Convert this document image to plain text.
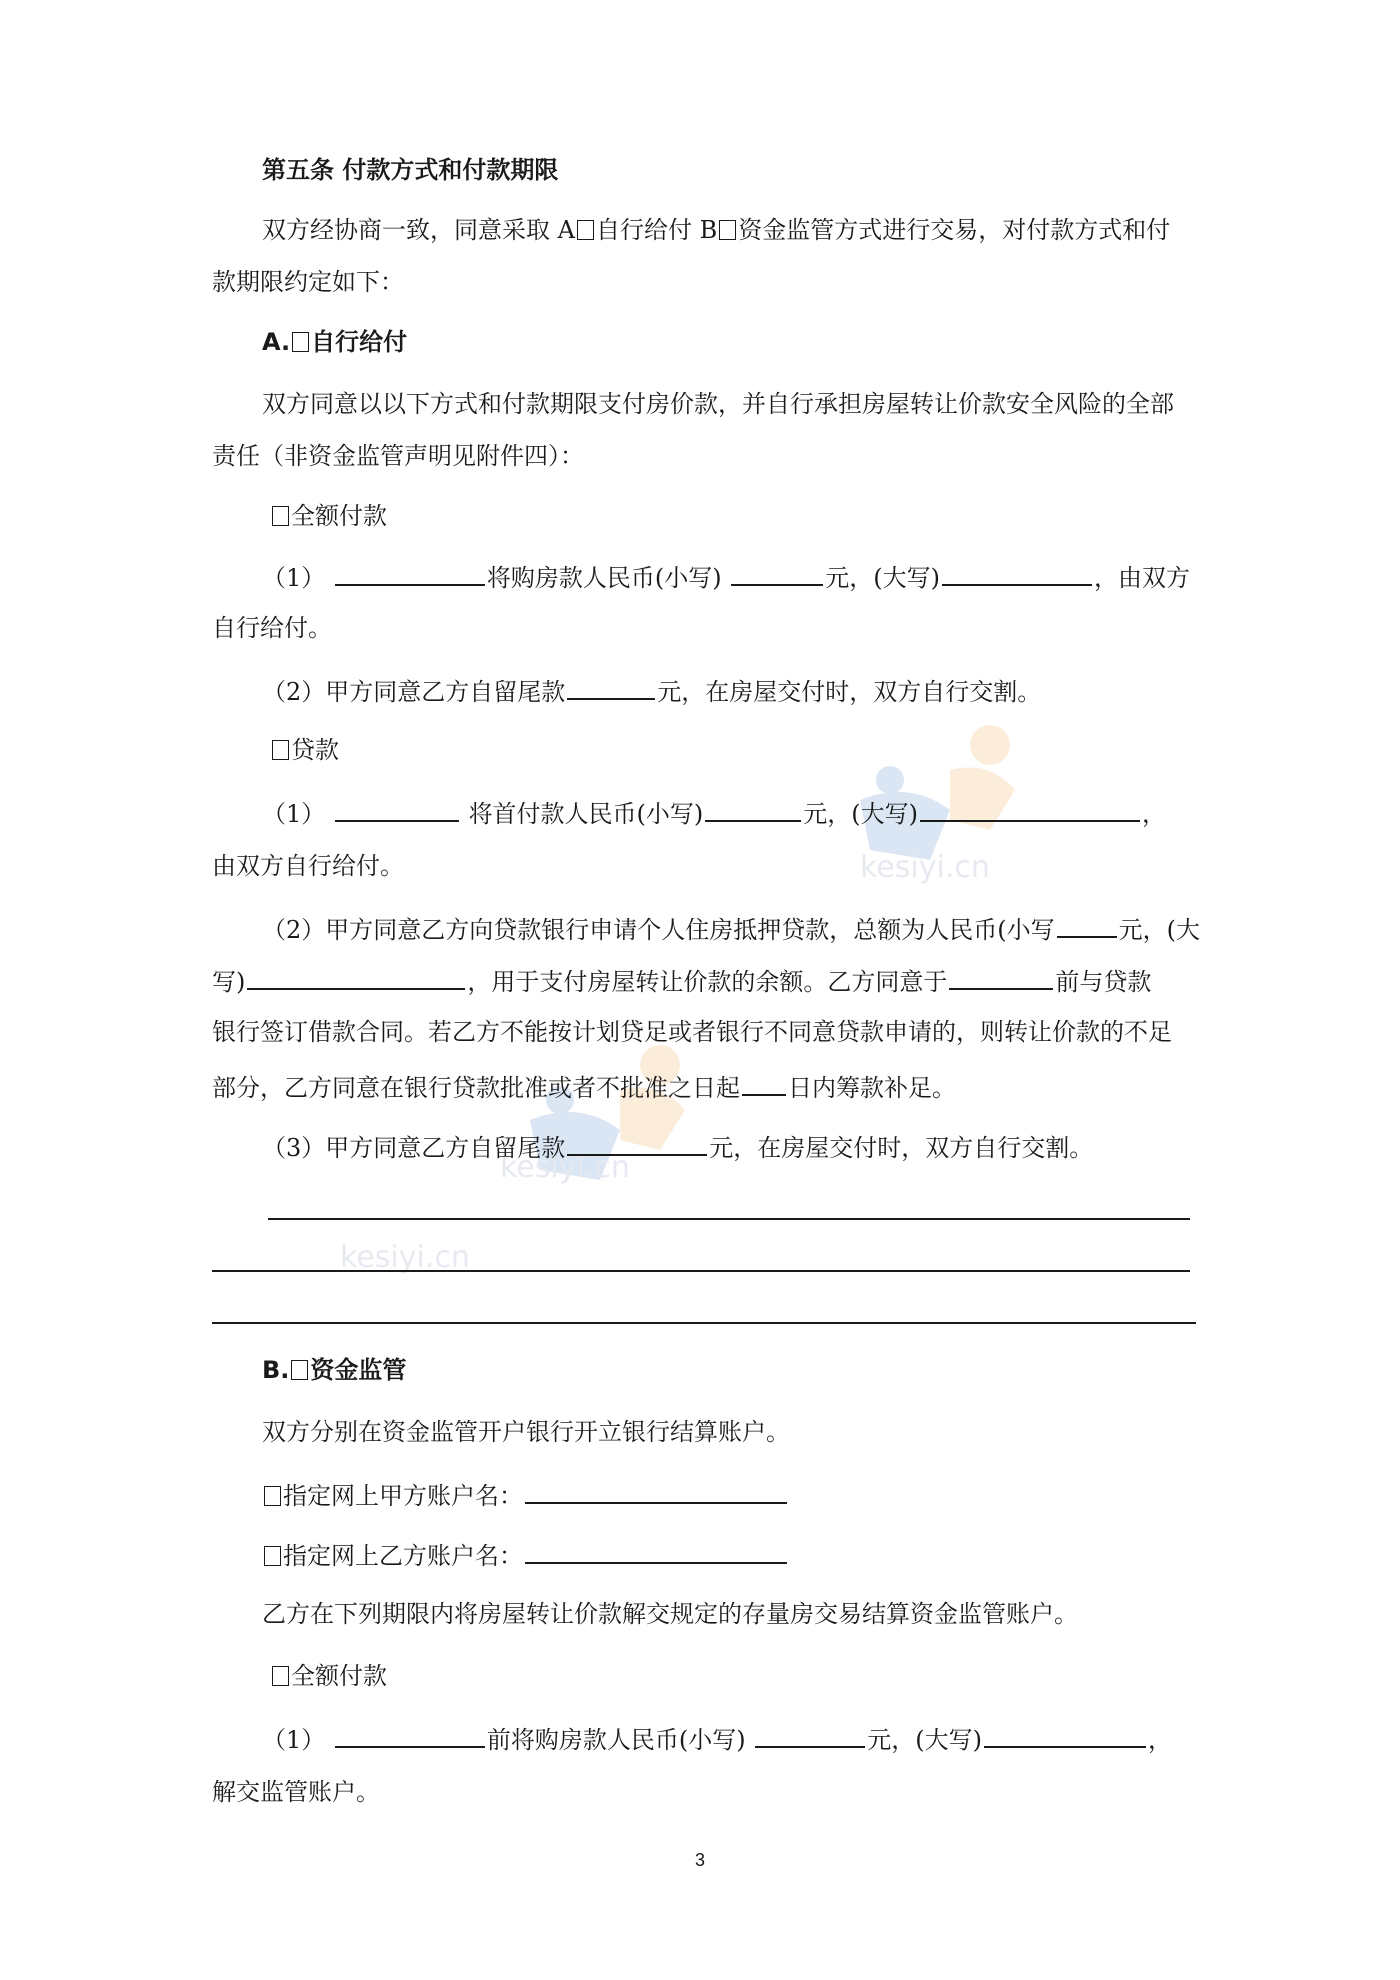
kesiyi.cn
kesiyi.cn
kesiyi.cn
第五条 付款方式和付款期限
双方经协商一致，同意采取 A 自行给付 B 资金监管方式进行交易，对付款方式和付
款期限约定如下：
A. 自行给付
双方同意以以下方式和付款期限支付房价款，并自行承担房屋转让价款安全风险的全部
责任（非资金监管声明见附件四）：
全额付款
（1）	将购房款人民币(小写)	元，(大写)	，由双方
自行给付。
（2）甲方同意乙方自留尾款	元，在房屋交付时，双方自行交割。
贷款
（1）	将首付款人民币(小写)	元，(大写)	，
由双方自行给付。
（2）甲方同意乙方向贷款银行申请个人住房抵押贷款，总额为人民币(小写	元，(大
写)	，用于支付房屋转让价款的余额。乙方同意于	前与贷款
银行签订借款合同。若乙方不能按计划贷足或者银行不同意贷款申请的，则转让价款的不足
部分，乙方同意在银行贷款批准或者不批准之日起 日内筹款补足。
（3）甲方同意乙方自留尾款	元，在房屋交付时，双方自行交割。
B. 资金监管
双方分别在资金监管开户银行开立银行结算账户。
指定网上甲方账户名：
指定网上乙方账户名：
乙方在下列期限内将房屋转让价款解交规定的存量房交易结算资金监管账户。
全额付款
（1）	前将购房款人民币(小写)	元，(大写)	，
解交监管账户。
3
